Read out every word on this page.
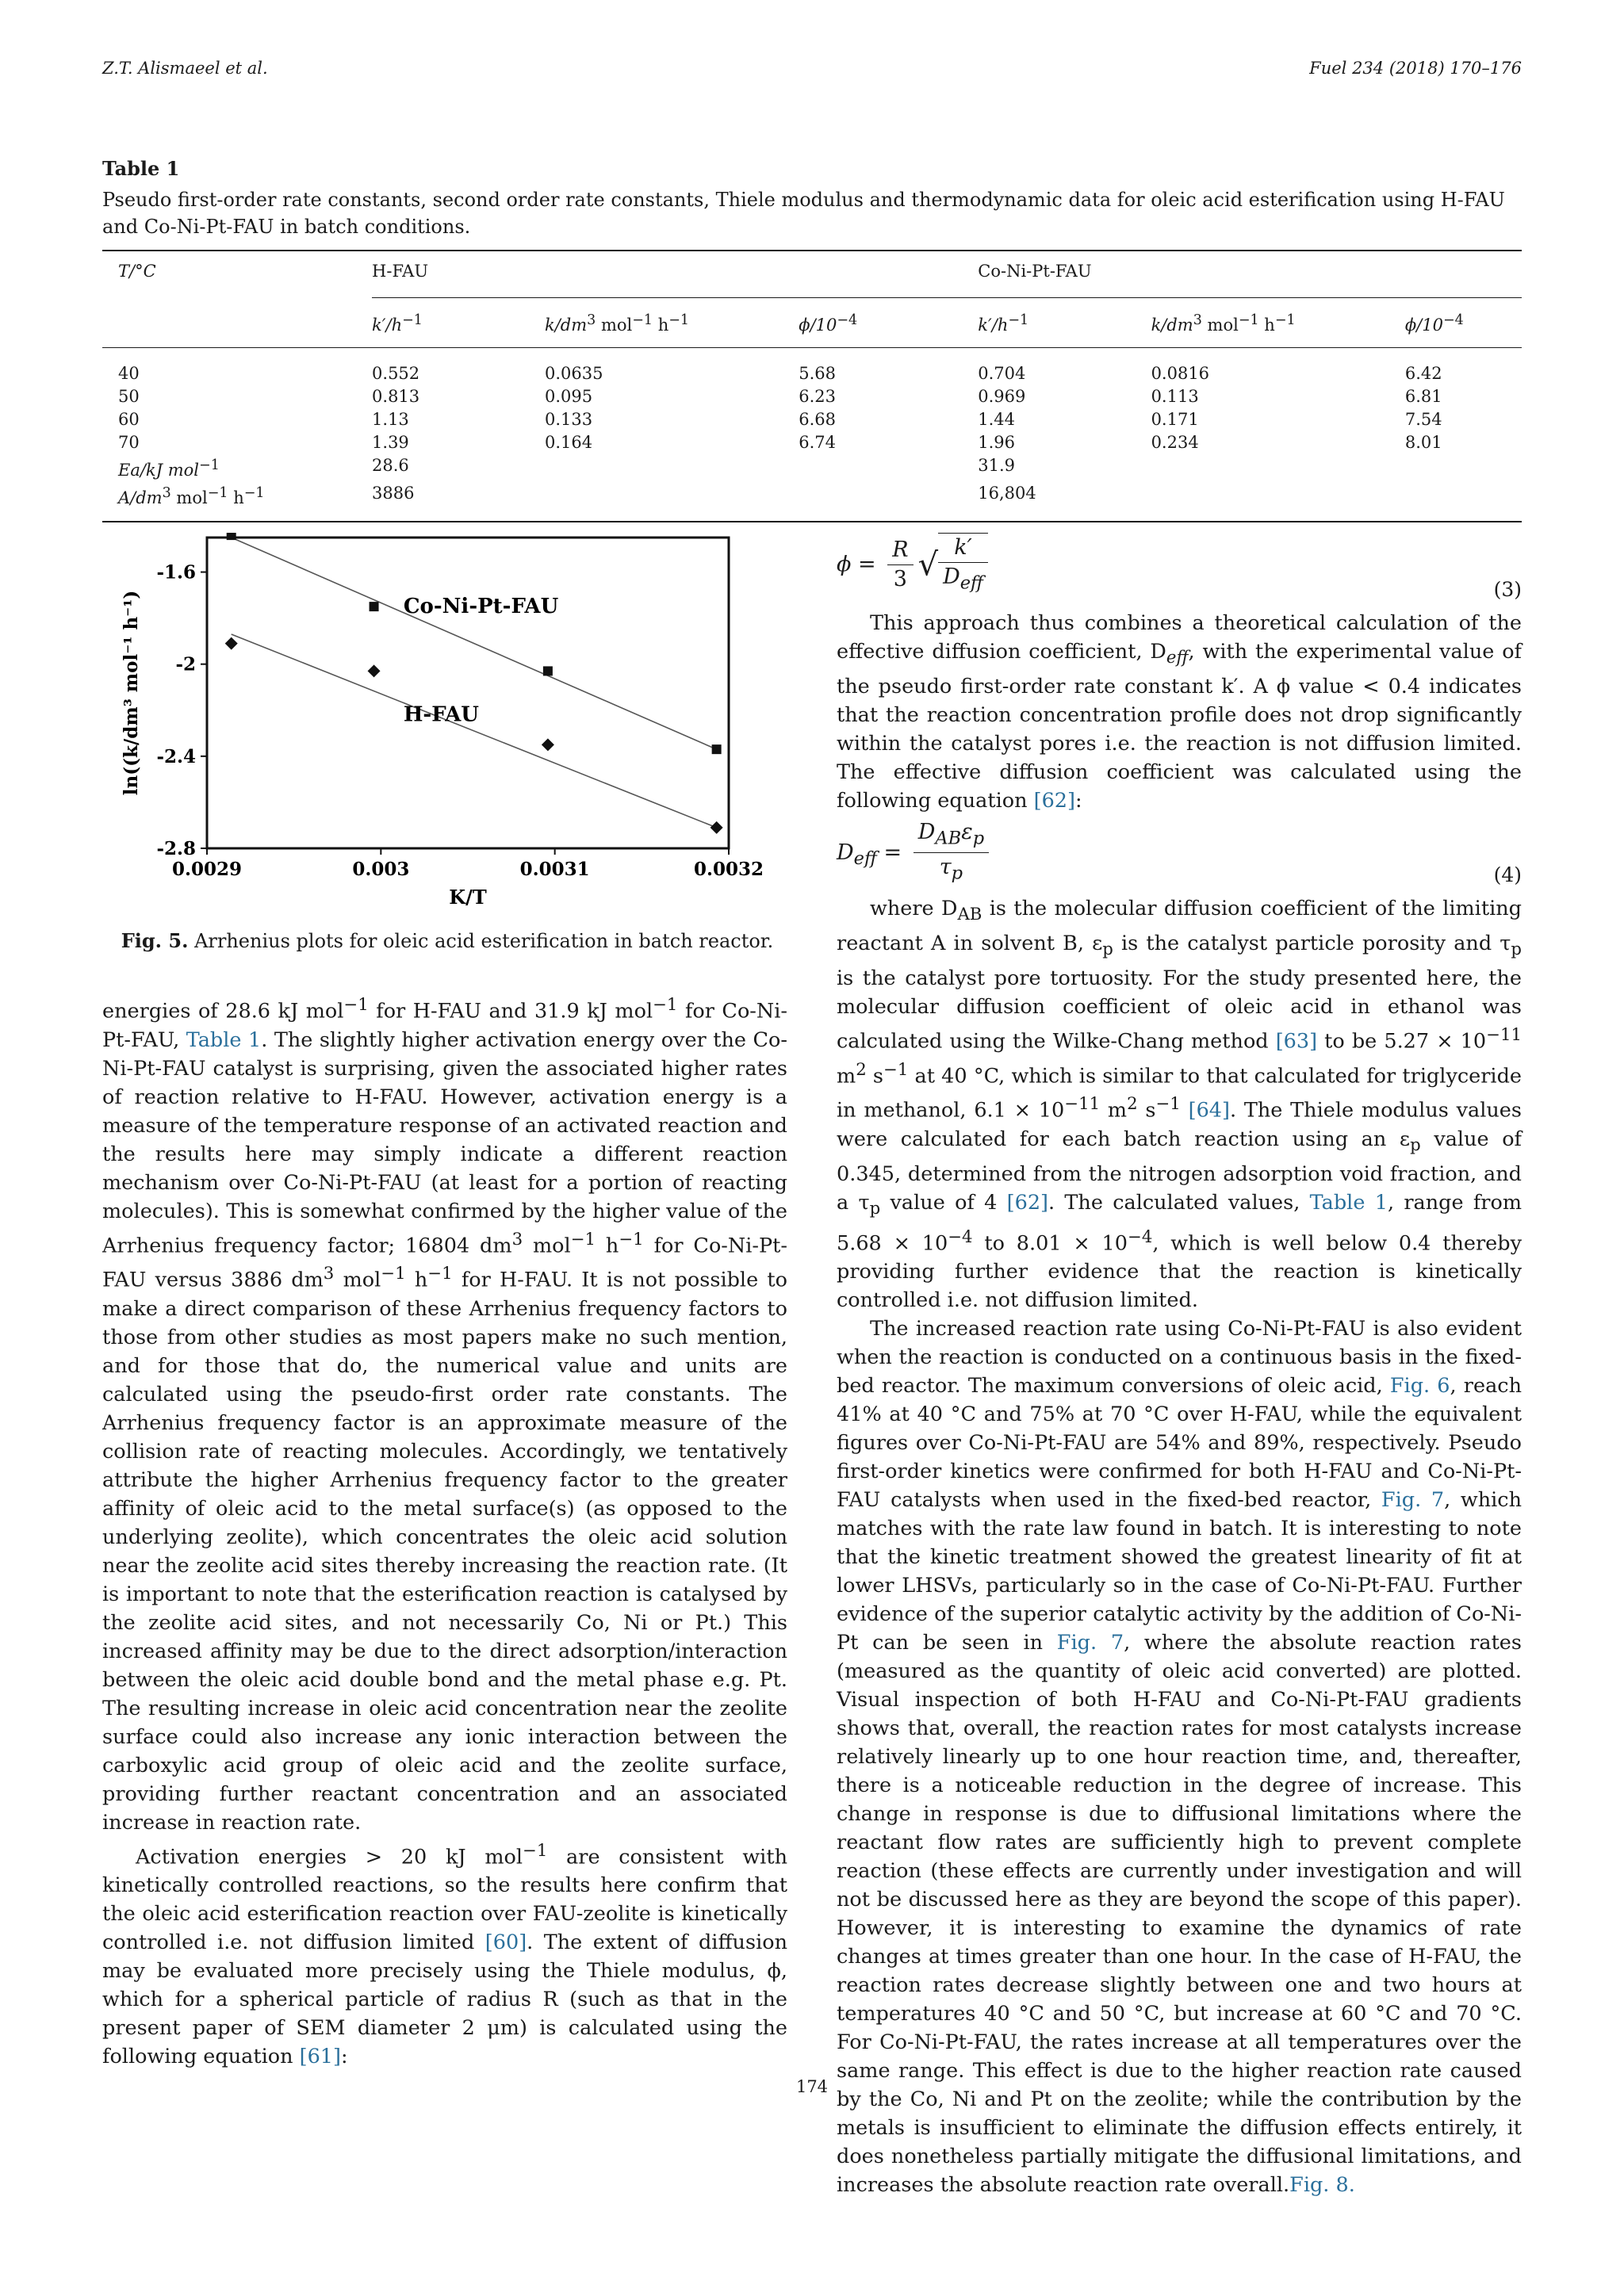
Z.T. Alismaeel et al.	Fuel 234 (2018) 170–176
Table 1
Pseudo first-order rate constants, second order rate constants, Thiele modulus and thermodynamic data for oleic acid esterification using H-FAU and Co-Ni-Pt-FAU in batch conditions.

T/°C	H-FAU			Co-Ni-Pt-FAU		

	$k'/h^{-1}$	$k/dm^3$ mol$^{-1}$ $h^{-1}$	$\phi/10^{-4}$	$k'/h^{-1}$	$k/dm^3$ mol$^{-1}$ $h^{-1}$	$\phi/10^{-4}$

40	0.552	0.0635	5.68	0.704	0.0816	6.42
50	0.813	0.095	6.23	0.969	0.113	6.81
60	1.13	0.133	6.68	1.44	0.171	7.54
70	1.39	0.164	6.74	1.96	0.234	8.01
Ea/kJ mol$^{-1}$	28.6			31.9		
$A/dm^3$ mol$^{-1}$ $h^{-1}$	3886			16,804		

0.0029	0.003	0.0031	0.0032
-1.6
-2
-2.4
-2.8
K/T
ln((k/dm³ mol⁻¹ h⁻¹)	Co-Ni-Pt-FAU
H-FAU
Fig. 5. Arrhenius plots for oleic acid esterification in batch reactor.

energies of 28.6 kJ mol$^{-1}$ for H-FAU and 31.9 kJ mol$^{-1}$ for Co-Ni-Pt-FAU, Table 1. The slightly higher activation energy over the Co-Ni-Pt-FAU catalyst is surprising, given the associated higher rates of reaction relative to H-FAU. However, activation energy is a measure of the temperature response of an activated reaction and the results here may simply indicate a different reaction mechanism over Co-Ni-Pt-FAU (at least for a portion of reacting molecules). This is somewhat confirmed by the higher value of the Arrhenius frequency factor; 16804 $dm^3$ mol$^{-1}$ $h^{-1}$ for Co-Ni-Pt-FAU versus 3886 $dm^3$ mol$^{-1}$ $h^{-1}$ for H-FAU. It is not possible to make a direct comparison of these Arrhenius frequency factors to those from other studies as most papers make no such mention, and for those that do, the numerical value and units are calculated using the pseudo-first order rate constants. The Arrhenius frequency factor is an approximate measure of the collision rate of reacting molecules. Accordingly, we tentatively attribute the higher Arrhenius frequency factor to the greater affinity of oleic acid to the metal surface(s) (as opposed to the underlying zeolite), which concentrates the oleic acid solution near the zeolite acid sites thereby increasing the reaction rate. (It is important to note that the esterification reaction is catalysed by the zeolite acid sites, and not necessarily Co, Ni or Pt.) This increased affinity may be due to the direct adsorption/interaction between the oleic acid double bond and the metal phase e.g. Pt. The resulting increase in oleic acid concentration near the zeolite surface could also increase any ionic interaction between the carboxylic acid group of oleic acid and the zeolite surface, providing further reactant concentration and an associated increase in reaction rate.

Activation energies > 20 kJ mol$^{-1}$ are consistent with kinetically controlled reactions, so the results here confirm that the oleic acid esterification reaction over FAU-zeolite is kinetically controlled i.e. not diffusion limited [60]. The extent of diffusion may be evaluated more precisely using the Thiele modulus, ϕ, which for a spherical particle of radius R (such as that in the present paper of SEM diameter 2 μm) is calculated using the following equation [61]:

$\phi = \frac{R}{3}$ √ $\frac{k'}{D_{eff}}$	(3)

This approach thus combines a theoretical calculation of the effective diffusion coefficient, $D_{eff}$, with the experimental value of the pseudo first-order rate constant k′. A ϕ value < 0.4 indicates that the reaction concentration profile does not drop significantly within the catalyst pores i.e. the reaction is not diffusion limited. The effective diffusion coefficient was calculated using the following equation [62]:

$D_{eff} = \frac{D_{AB}\varepsilon_p}{\tau_p}$	(4)

where $D_{AB}$ is the molecular diffusion coefficient of the limiting reactant A in solvent B, $\varepsilon_p$ is the catalyst particle porosity and $\tau_p$ is the catalyst pore tortuosity. For the study presented here, the molecular diffusion coefficient of oleic acid in ethanol was calculated using the Wilke-Chang method [63] to be $5.27 \times 10^{-11}$ $m^2$ $s^{-1}$ at 40 °C, which is similar to that calculated for triglyceride in methanol, $6.1 \times 10^{-11}$ $m^2$ $s^{-1}$ [64]. The Thiele modulus values were calculated for each batch reaction using an $\varepsilon_p$ value of 0.345, determined from the nitrogen adsorption void fraction, and a $\tau_p$ value of 4 [62]. The calculated values, Table 1, range from $5.68 \times 10^{-4}$ to $8.01 \times 10^{-4}$, which is well below 0.4 thereby providing further evidence that the reaction is kinetically controlled i.e. not diffusion limited.

The increased reaction rate using Co-Ni-Pt-FAU is also evident when the reaction is conducted on a continuous basis in the fixed-bed reactor. The maximum conversions of oleic acid, Fig. 6, reach 41% at 40 °C and 75% at 70 °C over H-FAU, while the equivalent figures over Co-Ni-Pt-FAU are 54% and 89%, respectively. Pseudo first-order kinetics were confirmed for both H-FAU and Co-Ni-Pt-FAU catalysts when used in the fixed-bed reactor, Fig. 7, which matches with the rate law found in batch. It is interesting to note that the kinetic treatment showed the greatest linearity of fit at lower LHSVs, particularly so in the case of Co-Ni-Pt-FAU. Further evidence of the superior catalytic activity by the addition of Co-Ni-Pt can be seen in Fig. 7, where the absolute reaction rates (measured as the quantity of oleic acid converted) are plotted. Visual inspection of both H-FAU and Co-Ni-Pt-FAU gradients shows that, overall, the reaction rates for most catalysts increase relatively linearly up to one hour reaction time, and, thereafter, there is a noticeable reduction in the degree of increase. This change in response is due to diffusional limitations where the reactant flow rates are sufficiently high to prevent complete reaction (these effects are currently under investigation and will not be discussed here as they are beyond the scope of this paper). However, it is interesting to examine the dynamics of rate changes at times greater than one hour. In the case of H-FAU, the reaction rates decrease slightly between one and two hours at temperatures 40 °C and 50 °C, but increase at 60 °C and 70 °C. For Co-Ni-Pt-FAU, the rates increase at all temperatures over the same range. This effect is due to the higher reaction rate caused by the Co, Ni and Pt on the zeolite; while the contribution by the metals is insufficient to eliminate the diffusion effects entirely, it does nonetheless partially mitigate the diffusional limitations, and increases the absolute reaction rate overall.Fig. 8.

174
